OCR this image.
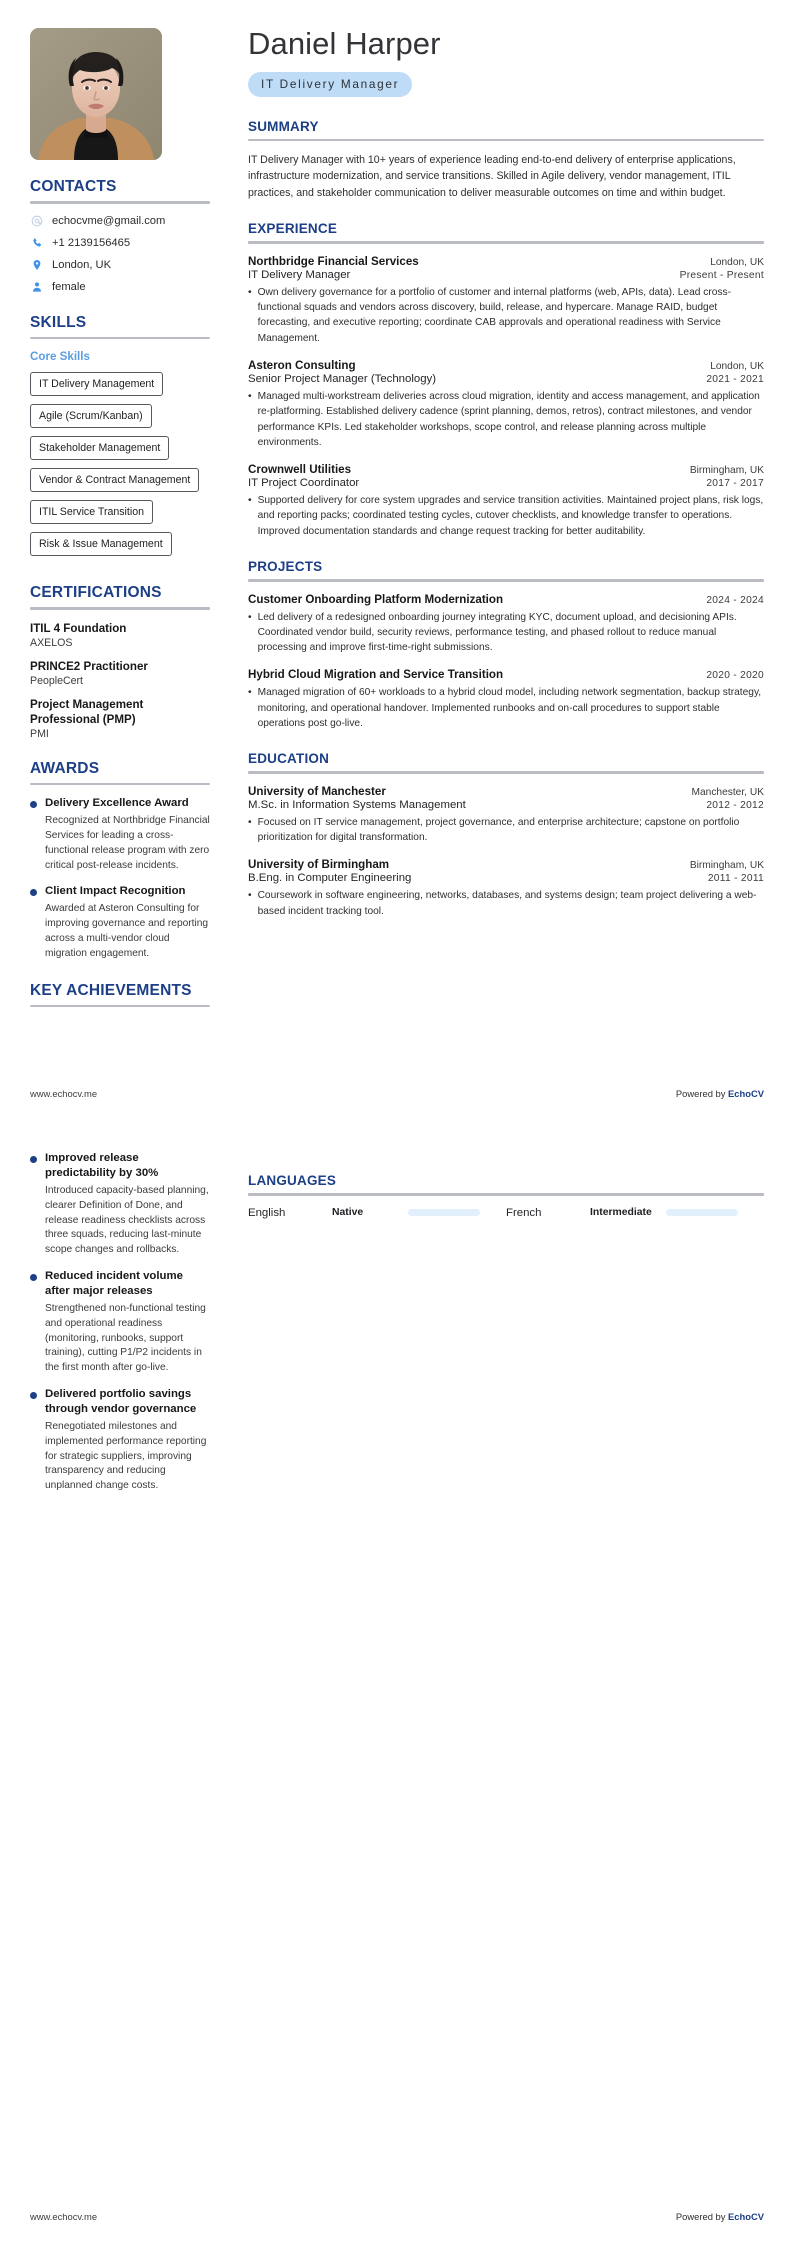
CONTACTS
echocvme@gmail.com
+1 2139156465
London, UK
female
SKILLS
Core Skills
IT Delivery Management Agile (Scrum/Kanban) Stakeholder Management Vendor & Contract Management ITIL Service Transition Risk & Issue Management
CERTIFICATIONS
ITIL 4 Foundation
AXELOS
PRINCE2 Practitioner
PeopleCert
Project Management Professional (PMP)
PMI
AWARDS
Delivery Excellence Award
Recognized at Northbridge Financial Services for leading a cross-functional release program with zero critical post-release incidents.
Client Impact Recognition
Awarded at Asteron Consulting for improving governance and reporting across a multi-vendor cloud migration engagement.
KEY ACHIEVEMENTS
Daniel Harper
IT Delivery Manager
SUMMARY
IT Delivery Manager with 10+ years of experience leading end-to-end delivery of enterprise applications, infrastructure modernization, and service transitions. Skilled in Agile delivery, vendor management, ITIL practices, and stakeholder communication to deliver measurable outcomes on time and within budget.
EXPERIENCE
Northbridge Financial Services	London, UK
IT Delivery Manager	Present - Present
• Own delivery governance for a portfolio of customer and internal platforms (web, APIs, data). Lead cross-functional squads and vendors across discovery, build, release, and hypercare. Manage RAID, budget forecasting, and executive reporting; coordinate CAB approvals and operational readiness with Service Management.
Asteron Consulting	London, UK
Senior Project Manager (Technology)	2021 - 2021
• Managed multi-workstream deliveries across cloud migration, identity and access management, and application re-platforming. Established delivery cadence (sprint planning, demos, retros), contract milestones, and vendor performance KPIs. Led stakeholder workshops, scope control, and release planning across multiple environments.
Crownwell Utilities	Birmingham, UK
IT Project Coordinator	2017 - 2017
• Supported delivery for core system upgrades and service transition activities. Maintained project plans, risk logs, and reporting packs; coordinated testing cycles, cutover checklists, and knowledge transfer to operations. Improved documentation standards and change request tracking for better auditability.
PROJECTS
Customer Onboarding Platform Modernization	2024 - 2024
• Led delivery of a redesigned onboarding journey integrating KYC, document upload, and decisioning APIs. Coordinated vendor build, security reviews, performance testing, and phased rollout to reduce manual processing and improve first-time-right submissions.
Hybrid Cloud Migration and Service Transition	2020 - 2020
• Managed migration of 60+ workloads to a hybrid cloud model, including network segmentation, backup strategy, monitoring, and operational handover. Implemented runbooks and on-call procedures to support stable operations post go-live.
EDUCATION
University of Manchester	Manchester, UK
M.Sc. in Information Systems Management	2012 - 2012
• Focused on IT service management, project governance, and enterprise architecture; capstone on portfolio prioritization for digital transformation.
University of Birmingham	Birmingham, UK
B.Eng. in Computer Engineering	2011 - 2011
• Coursework in software engineering, networks, databases, and systems design; team project delivering a web-based incident tracking tool.
www.echocv.me	Powered by EchoCV
Improved release predictability by 30%
Introduced capacity-based planning, clearer Definition of Done, and release readiness checklists across three squads, reducing last-minute scope changes and rollbacks.
Reduced incident volume after major releases
Strengthened non-functional testing and operational readiness (monitoring, runbooks, support training), cutting P1/P2 incidents in the first month after go-live.
Delivered portfolio savings through vendor governance
Renegotiated milestones and implemented performance reporting for strategic suppliers, improving transparency and reducing unplanned change costs.
LANGUAGES
English	Native	French	Intermediate
www.echocv.me	Powered by EchoCV
